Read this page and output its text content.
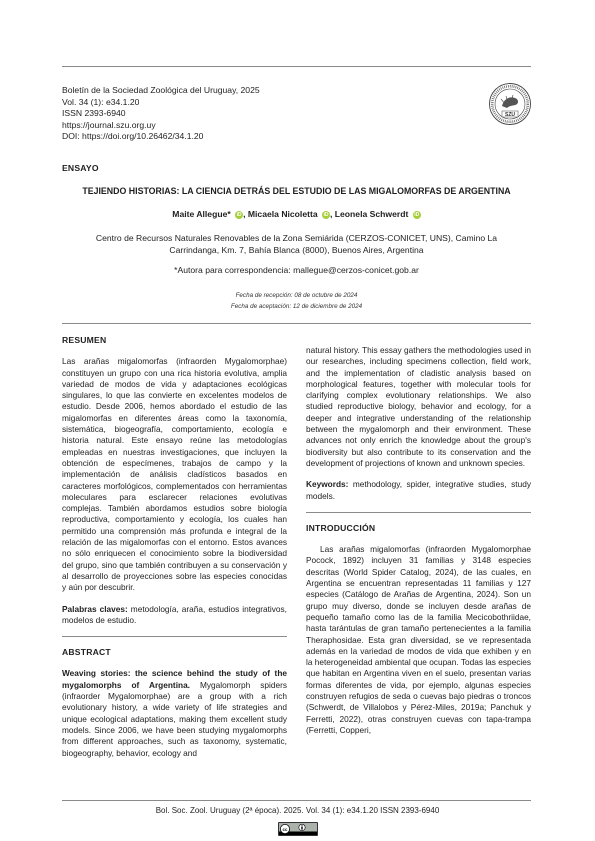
Boletín de la Sociedad Zoológica del Uruguay, 2025
Vol. 34 (1): e34.1.20
ISSN 2393-6940
https://journal.szu.org.uy
DOI: https://doi.org/10.26462/34.1.20
SZU
ENSAYO
TEJIENDO HISTORIAS: LA CIENCIA DETRÁS DEL ESTUDIO DE LAS MIGALOMORFAS DE ARGENTINA
Maite Allegue* iD , Micaela Nicoletta iD , Leonela Schwerdt iD
Centro de Recursos Naturales Renovables de la Zona Semiárida (CERZOS-CONICET, UNS), Camino La
Carrindanga, Km. 7, Bahía Blanca (8000), Buenos Aires, Argentina
*Autora para correspondencia: mallegue@cerzos-conicet.gob.ar
Fecha de recepción: 08 de octubre de 2024
Fecha de aceptación: 12 de diciembre de 2024
RESUMEN

Las arañas migalomorfas (infraorden Mygalomorphae) constituyen un grupo con una rica historia evolutiva, amplia variedad de modos de vida y adaptaciones ecológicas singulares, lo que las convierte en excelentes modelos de estudio. Desde 2006, hemos abordado el estudio de las migalomorfas en diferentes áreas como la taxonomía, sistemática, biogeografía, comportamiento, ecología e historia natural. Este ensayo reúne las metodologías empleadas en nuestras investigaciones, que incluyen la obtención de especímenes, trabajos de campo y la implementación de análisis cladísticos basados en caracteres morfológicos, complementados con herramientas moleculares para esclarecer relaciones evolutivas complejas. También abordamos estudios sobre biología reproductiva, comportamiento y ecología, los cuales han permitido una comprensión más profunda e integral de la relación de las migalomorfas con el entorno. Estos avances no sólo enriquecen el conocimiento sobre la biodiversidad del grupo, sino que también contribuyen a su conservación y al desarrollo de proyecciones sobre las especies conocidas y aún por descubrir.

Palabras claves: metodología, araña, estudios integrativos, modelos de estudio.

ABSTRACT

Weaving stories: the science behind the study of the mygalomorphs of Argentina. Mygalomorph spiders (infraorder Mygalomorphae) are a group with a rich evolutionary history, a wide variety of life strategies and unique ecological adaptations, making them excellent study models. Since 2006, we have been studying mygalomorphs from different approaches, such as taxonomy, systematic, biogeography, behavior, ecology and

natural history. This essay gathers the methodologies used in our researches, including specimens collection, field work, and the implementation of cladistic analysis based on morphological features, together with molecular tools for clarifying complex evolutionary relationships. We also studied reproductive biology, behavior and ecology, for a deeper and integrative understanding of the relationship between the mygalomorph and their environment. These advances not only enrich the knowledge about the group's biodiversity but also contribute to its conservation and the development of projections of known and unknown species.

Keywords: methodology, spider, integrative studies, study models.

INTRODUCCIÓN

Las arañas migalomorfas (infraorden Mygalomorphae Pocock, 1892) incluyen 31 familias y 3148 especies descritas (World Spider Catalog, 2024), de las cuales, en Argentina se encuentran representadas 11 familias y 127 especies (Catálogo de Arañas de Argentina, 2024). Son un grupo muy diverso, donde se incluyen desde arañas de pequeño tamaño como las de la familia Mecicobothriidae, hasta tarántulas de gran tamaño pertenecientes a la familia Theraphosidae. Esta gran diversidad, se ve representada además en la variedad de modos de vida que exhiben y en la heterogeneidad ambiental que ocupan. Todas las especies que habitan en Argentina viven en el suelo, presentan varias formas diferentes de vida, por ejemplo, algunas especies construyen refugios de seda o cuevas bajo piedras o troncos (Schwerdt, de Villalobos y Pérez-Miles, 2019a; Panchuk y Ferretti, 2022), otras construyen cuevas con tapa-trampa (Ferretti, Copperi,

Bol. Soc. Zool. Uruguay (2ª época). 2025. Vol. 34 (1): e34.1.20 ISSN 2393-6940
cc
